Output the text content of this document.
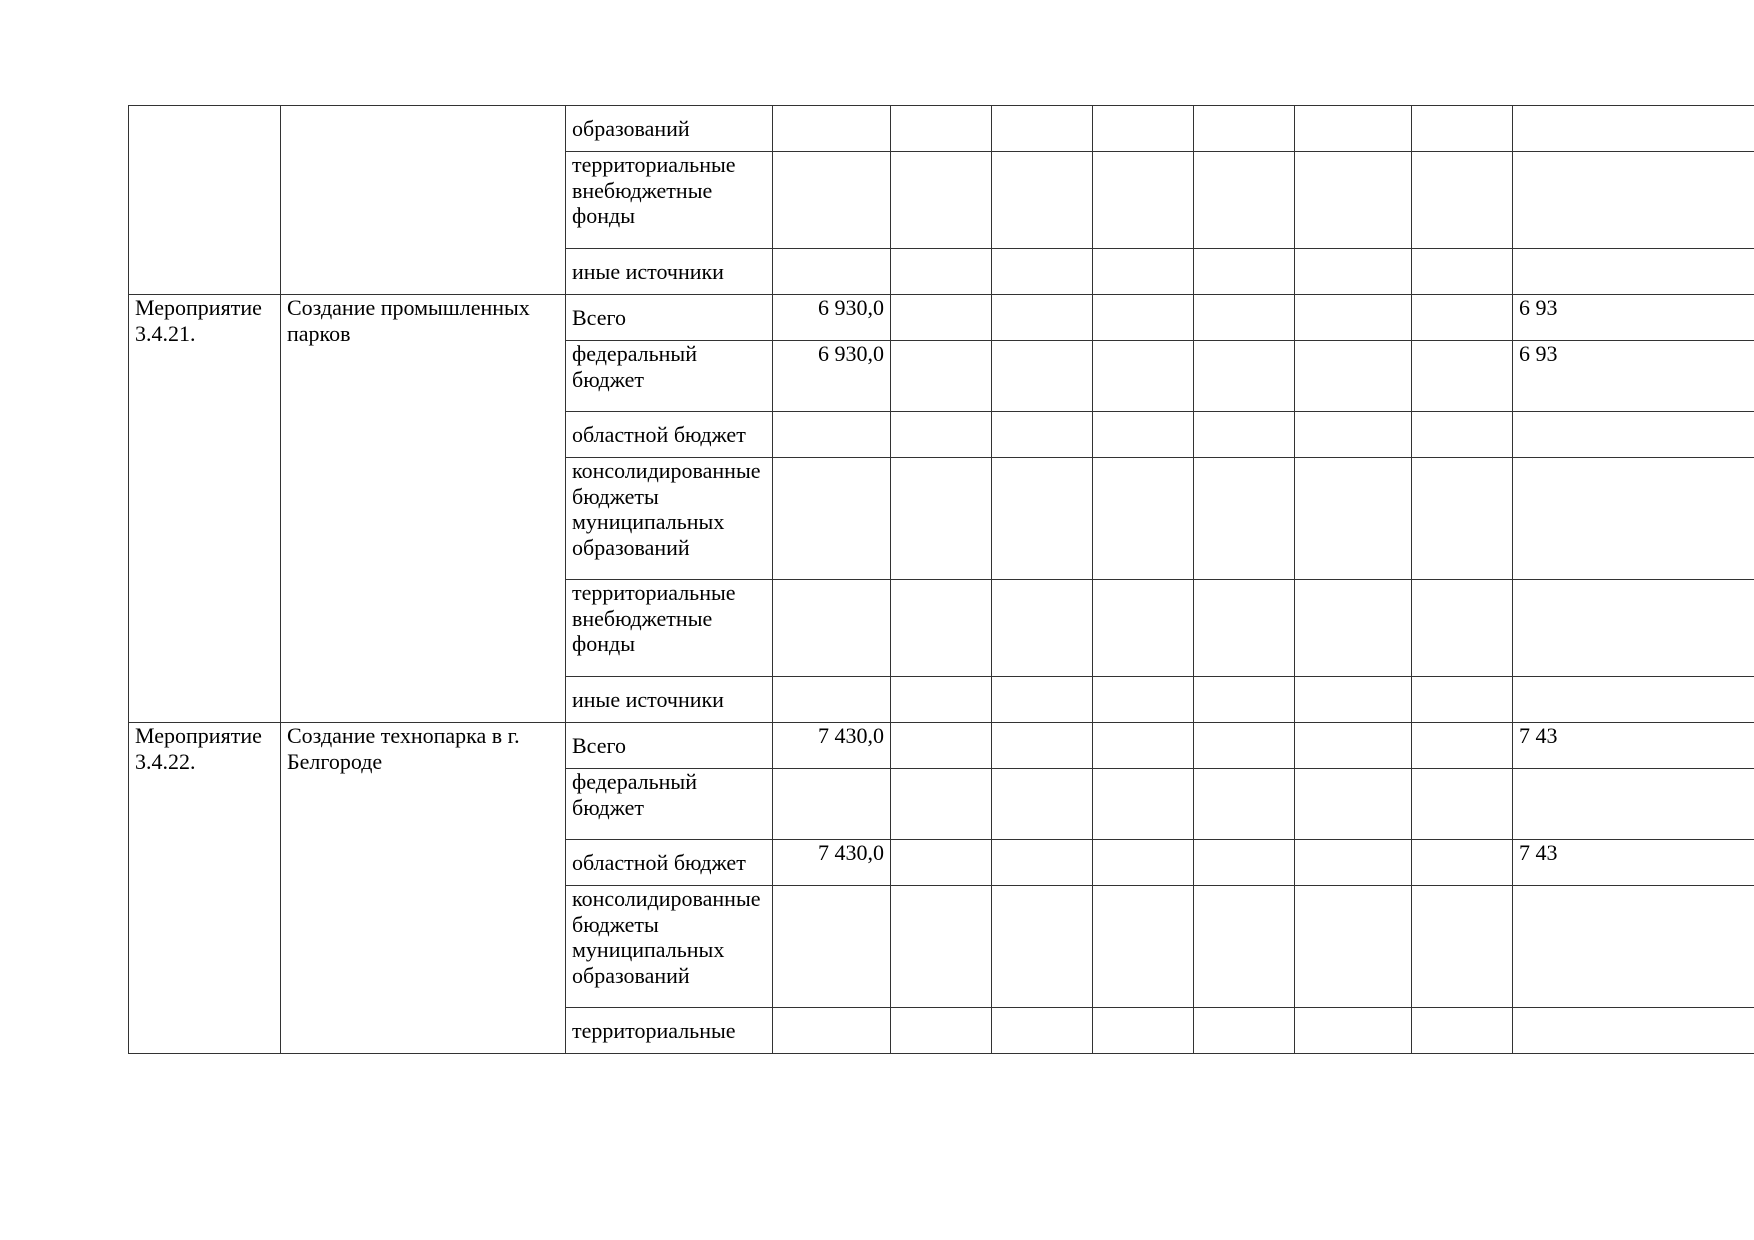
		образований								
		территориальные внебюджетные фонды								
		иные источники								
Мероприятие 3.4.21.	Создание промышленных парков	Всего	6 930,0							6 93
		федеральный бюджет	6 930,0							6 93
		областной бюджет								
		консолидированные бюджеты муниципальных образований								
		территориальные внебюджетные фонды								
		иные источники								
Мероприятие 3.4.22.	Создание технопарка в г. Белгороде	Всего	7 430,0							7 43
		федеральный бюджет								
		областной бюджет	7 430,0							7 43
		консолидированные бюджеты муниципальных образований								
		территориальные								
